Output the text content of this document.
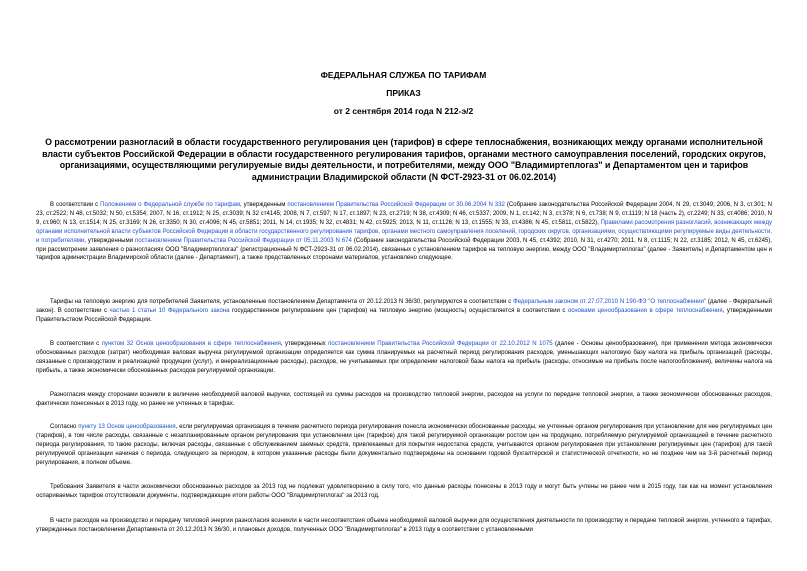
ФЕДЕРАЛЬНАЯ СЛУЖБА ПО ТАРИФАМ
ПРИКАЗ
от 2 сентября 2014 года N 212-э/2
О рассмотрении разногласий в области государственного регулирования цен (тарифов) в сфере теплоснабжения, возникающих между органами исполнительной власти субъектов Российской Федерации в области государственного регулирования тарифов, органами местного самоуправления поселений, городских округов, организациями, осуществляющими регулируемые виды деятельности, и потребителями, между ООО "Владимиртеплогаз" и Департаментом цен и тарифов администрации Владимирской области (N ФСТ-2923-31 от 06.02.2014)

В соответствии с Положением о Федеральной службе по тарифам, утвержденным постановлением Правительства Российской Федерации от 30.06.2004 N 332 (Собрание законодательства Российской Федерации 2004, N 29, ст.3049; 2006, N 3, ст.301; N 23, ст.2522; N 48, ст.5032; N 50, ст.5354; 2007, N 16, ст.1912; N 25, ст.3039; N 32 ст4145; 2008, N 7, ст.597; N 17, ст.1897; N 23, ст.2719; N 38, ст.4309; N 46, ст.5337; 2009, N 1, ст.142; N 3, ст.378; N 6, ст.738; N 9, ст.1119; N 18 (часть 2), ст.2249; N 33, ст.4086; 2010, N 9, ст.960; N 13, ст.1514; N 25, ст.3169; N 26, ст.3350; N 30, ст.4096; N 45, ст.5851; 2011, N 14, ст.1935; N 32, ст.4831; N 42, ст.5925; 2013, N 11, ст.1126; N 13, ст.1555; N 33, ст.4386; N 45, ст.5811, ст.5822), Правилами рассмотрения разногласий, возникающих между органами исполнительной власти субъектов Российской Федерации в области государственного регулирования тарифов, органами местного самоуправления поселений, городских округов, организациями, осуществляющими регулируемые виды деятельности, и потребителями, утвержденными постановлением Правительства Российской Федерации от 05.11.2003 N 674 (Собрание законодательства Российской Федерации 2003, N 45, ст.4392; 2010, N 31, ст.4270; 2011, N 8, ст.1115; N 22, ст.3185; 2012, N 45, ст.6245), при рассмотрении заявления о разногласиях ООО "Владимиртеплогаз" (регистрационный N ФСТ-2923-31 от 06.02.2014), связанных с установлением тарифов на тепловую энергию, между ООО "Владимиртеплогаз" (далее - Заявитель) и Департаментом цен и тарифов администрации Владимирской области (далее - Департамент), а также представленных сторонами материалов, установлено следующее.

Тарифы на тепловую энергию для потребителей Заявителя, установленные постановлением Департамента от 20.12.2013 N 36/30, регулируются в соответствии с Федеральным законом от 27.07.2010 N 190-ФЗ "О теплоснабжении" (далее - Федеральный закон). В соответствии с частью 1 статьи 10 Федерального закона государственное регулирование цен (тарифов) на тепловую энергию (мощность) осуществляется в соответствии с основами ценообразования в сфере теплоснабжения, утвержденными Правительством Российской Федерации.

В соответствии с пунктом 32 Основ ценообразования в сфере теплоснабжения, утвержденных постановлением Правительства Российской Федерации от 22.10.2012 N 1075 (далее - Основы ценообразования), при применении метода экономически обоснованных расходов (затрат) необходимая валовая выручка регулируемой организации определяется как сумма планируемых на расчетный период регулирования расходов, уменьшающих налоговую базу налога на прибыль организаций (расходы, связанные с производством и реализацией продукции (услуг), и внереализационные расходы), расходов, не учитываемых при определении налоговой базы налога на прибыль (расходы, относимые на прибыль после налогообложения), величины налога на прибыль, а также экономически обоснованных расходов регулируемой организации.

Разногласия между сторонами возникли в величине необходимой валовой выручки, состоящей из суммы расходов на производство тепловой энергии, расходов на услуги по передаче тепловой энергии, а также экономически обоснованных расходов, фактически понесенных в 2013 году, но ранее не учтенных в тарифах.

Согласно пункту 13 Основ ценообразования, если регулируемая организация в течение расчетного периода регулирования понесла экономически обоснованные расходы, не учтенные органом регулирования при установлении для нее регулируемых цен (тарифов), в том числе расходы, связанные с незапланированным органом регулирования при установлении цен (тарифов) для такой регулируемой организации ростом цен на продукцию, потребляемую регулируемой организацией в течение расчетного периода регулирования, то такие расходы, включая расходы, связанные с обслуживанием заемных средств, привлекаемых для покрытия недостатка средств, учитываются органом регулирования при установлении регулируемых цен (тарифов) для такой регулируемой организации начиная с периода, следующего за периодом, в котором указанные расходы были документально подтверждены на основании годовой бухгалтерской и статистической отчетности, но не позднее чем на 3-й расчетный период регулирования, в полном объеме.

Требования Заявителя в части экономически обоснованных расходов за 2013 год не подлежат удовлетворению в силу того, что данные расходы понесены в 2013 году и могут быть учтены не ранее чем в 2015 году, так как на момент установления оспариваемых тарифов отсутствовали документы, подтверждающие итоги работы ООО "Владимиртеплогаз" за 2013 год.

В части расходов на производство и передачу тепловой энергии разногласия возникли в части несоответствия объема необходимой валовой выручки для осуществления деятельности по производству и передаче тепловой энергии, учтенного в тарифах, утвержденных постановлением Департамента от 20.12.2013 N 36/30, и плановых доходов, полученных ООО "Владимиртеплогаз" в 2013 году в соответствии с установленными
